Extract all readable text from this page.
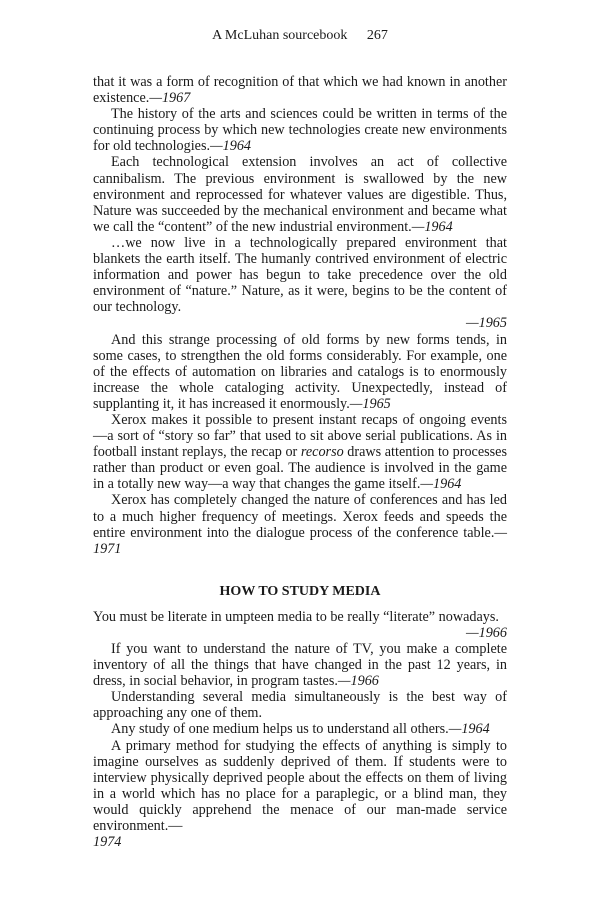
A McLuhan sourcebook 267

that it was a form of recognition of that which we had known in another existence.—1967

The history of the arts and sciences could be written in terms of the continuing process by which new technologies create new environments for old technologies.—1964

Each technological extension involves an act of collective cannibalism. The previous environment is swallowed by the new environment and reprocessed for whatever values are digestible. Thus, Nature was succeeded by the mechanical environment and became what we call the “content” of the new industrial environment.—1964

…we now live in a technologically prepared environment that blankets the earth itself. The humanly contrived environment of electric information and power has begun to take precedence over the old environment of “nature.” Nature, as it were, begins to be the content of our technology.
—1965

And this strange processing of old forms by new forms tends, in some cases, to strengthen the old forms considerably. For example, one of the effects of automation on libraries and catalogs is to enormously increase the whole cataloging activity. Unexpectedly, instead of supplanting it, it has increased it enormously.—1965

Xerox makes it possible to present instant recaps of ongoing events—a sort of “story so far” that used to sit above serial publications. As in football instant replays, the recap or recorso draws attention to processes rather than product or even goal. The audience is involved in the game in a totally new way—a way that changes the game itself.—1964

Xerox has completely changed the nature of conferences and has led to a much higher frequency of meetings. Xerox feeds and speeds the entire environment into the dialogue process of the conference table.—1971

HOW TO STUDY MEDIA

You must be literate in umpteen media to be really “literate” nowadays.
—1966

If you want to understand the nature of TV, you make a complete inventory of all the things that have changed in the past 12 years, in dress, in social behavior, in program tastes.—1966

Understanding several media simultaneously is the best way of approaching any one of them.

Any study of one medium helps us to understand all others.—1964

A primary method for studying the effects of anything is simply to imagine ourselves as suddenly deprived of them. If students were to interview physically deprived people about the effects on them of living in a world which has no place for a paraplegic, or a blind man, they would quickly apprehend the menace of our man-made service environment.—
1974
